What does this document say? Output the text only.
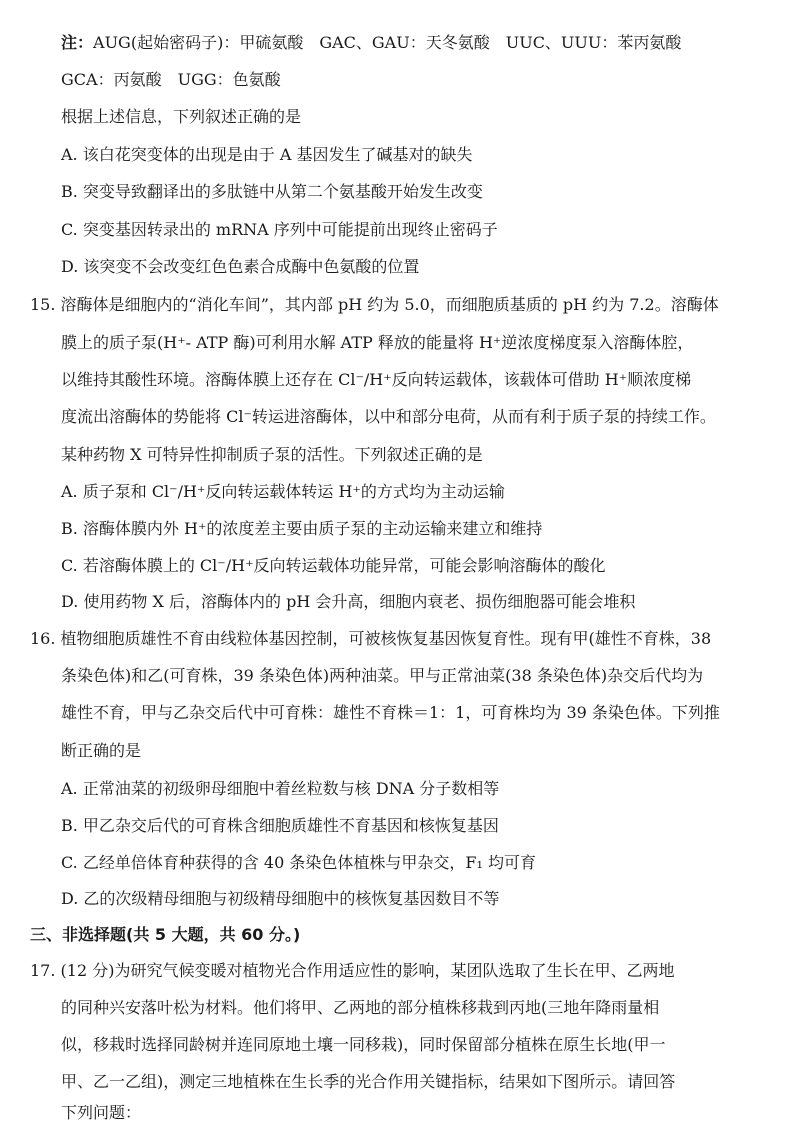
注：AUG(起始密码子)：甲硫氨酸　GAC、GAU：天冬氨酸　UUC、UUU：苯丙氨酸
GCA：丙氨酸　UGG：色氨酸
根据上述信息，下列叙述正确的是
A. 该白花突变体的出现是由于 A 基因发生了碱基对的缺失
B. 突变导致翻译出的多肽链中从第二个氨基酸开始发生改变
C. 突变基因转录出的 mRNA 序列中可能提前出现终止密码子
D. 该突变不会改变红色色素合成酶中色氨酸的位置
15. 溶酶体是细胞内的“消化车间”，其内部 pH 约为 5.0，而细胞质基质的 pH 约为 7.2。溶酶体
膜上的质子泵(H⁺- ATP 酶)可利用水解 ATP 释放的能量将 H⁺逆浓度梯度泵入溶酶体腔，
以维持其酸性环境。溶酶体膜上还存在 Cl⁻/H⁺反向转运载体，该载体可借助 H⁺顺浓度梯
度流出溶酶体的势能将 Cl⁻转运进溶酶体，以中和部分电荷，从而有利于质子泵的持续工作。
某种药物 X 可特异性抑制质子泵的活性。下列叙述正确的是
A. 质子泵和 Cl⁻/H⁺反向转运载体转运 H⁺的方式均为主动运输
B. 溶酶体膜内外 H⁺的浓度差主要由质子泵的主动运输来建立和维持
C. 若溶酶体膜上的 Cl⁻/H⁺反向转运载体功能异常，可能会影响溶酶体的酸化
D. 使用药物 X 后，溶酶体内的 pH 会升高，细胞内衰老、损伤细胞器可能会堆积
16. 植物细胞质雄性不育由线粒体基因控制，可被核恢复基因恢复育性。现有甲(雄性不育株，38
条染色体)和乙(可育株，39 条染色体)两种油菜。甲与正常油菜(38 条染色体)杂交后代均为
雄性不育，甲与乙杂交后代中可育株：雄性不育株＝1：1，可育株均为 39 条染色体。下列推
断正确的是
A. 正常油菜的初级卵母细胞中着丝粒数与核 DNA 分子数相等
B. 甲乙杂交后代的可育株含细胞质雄性不育基因和核恢复基因
C. 乙经单倍体育种获得的含 40 条染色体植株与甲杂交，F₁ 均可育
D. 乙的次级精母细胞与初级精母细胞中的核恢复基因数目不等
三、非选择题(共 5 大题，共 60 分。)
17. (12 分)为研究气候变暖对植物光合作用适应性的影响，某团队选取了生长在甲、乙两地
的同种兴安落叶松为材料。他们将甲、乙两地的部分植株移栽到丙地(三地年降雨量相
似，移栽时选择同龄树并连同原地土壤一同移栽)，同时保留部分植株在原生长地(甲一
甲、乙一乙组)，测定三地植株在生长季的光合作用关键指标，结果如下图所示。请回答
下列问题：
